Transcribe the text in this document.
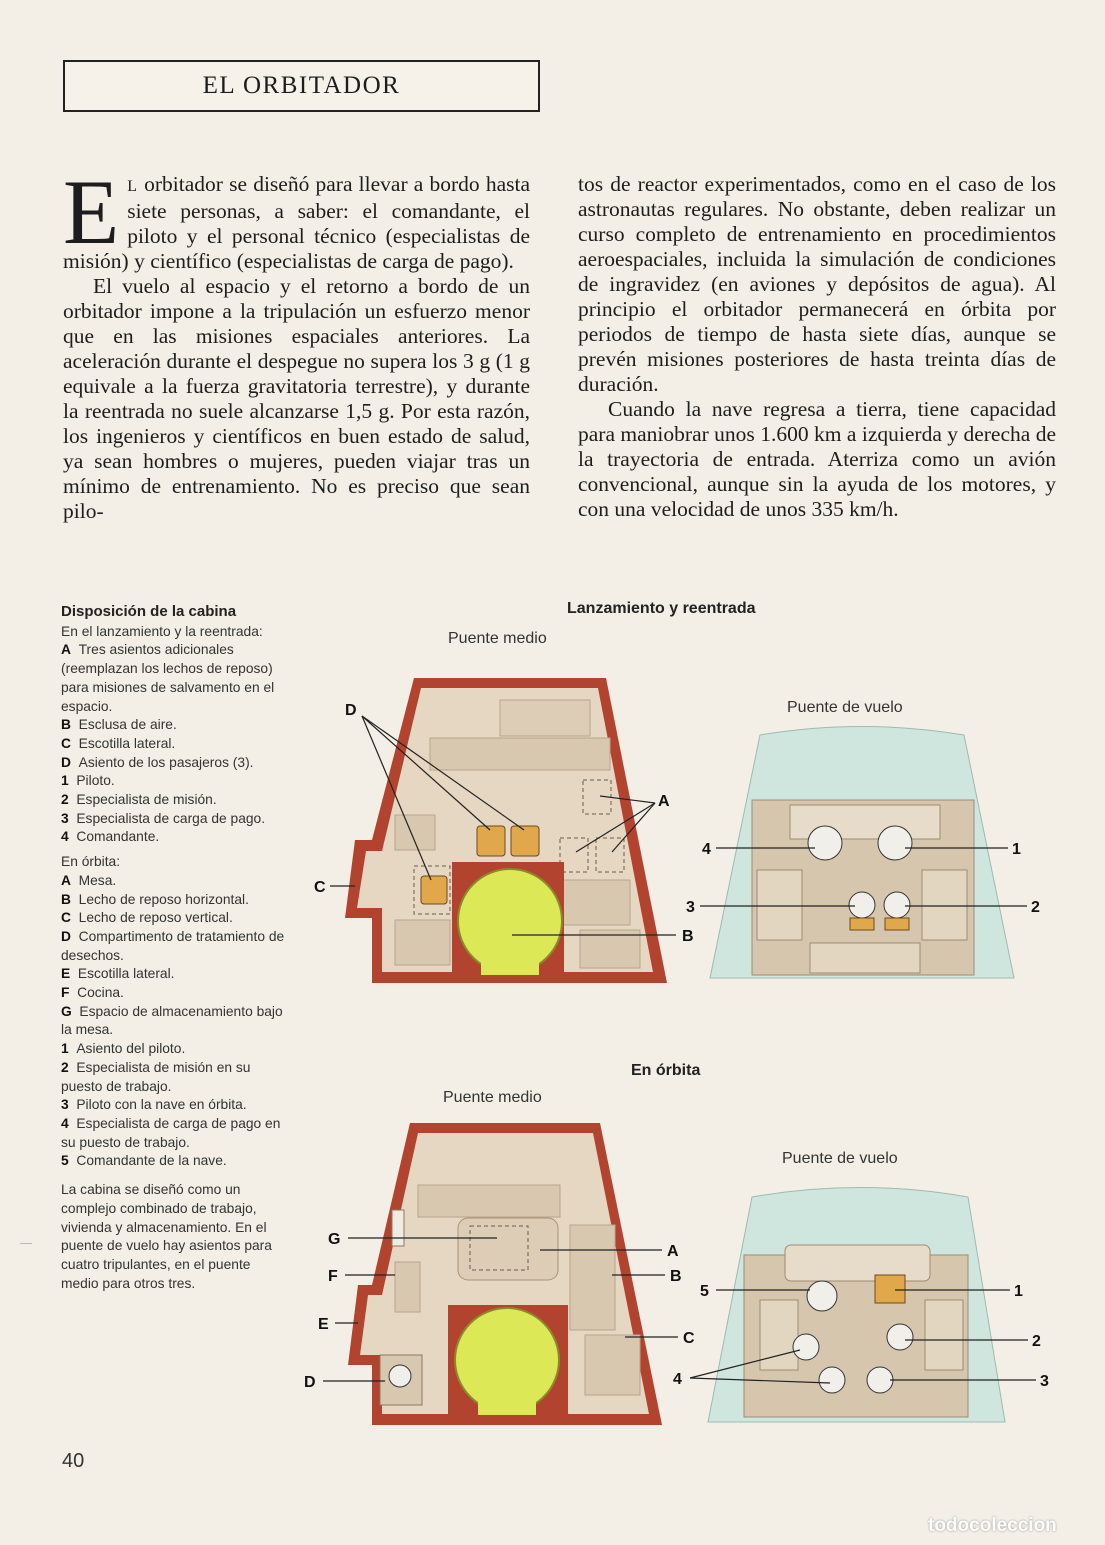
EL ORBITADOR

E L orbitador se diseñó para llevar a bordo hasta siete personas, a saber: el comandante, el piloto y el personal técnico (especialistas de misión) y científico (especialistas de carga de pago).

El vuelo al espacio y el retorno a bordo de un orbitador impone a la tripulación un esfuerzo menor que en las misiones espaciales anteriores. La aceleración durante el despegue no supera los 3 g (1 g equivale a la fuerza gravitatoria terrestre), y durante la reentrada no suele alcanzarse 1,5 g. Por esta razón, los ingenieros y científicos en buen estado de salud, ya sean hombres o mujeres, pueden viajar tras un mínimo de entrenamiento. No es preciso que sean pilo-

tos de reactor experimentados, como en el caso de los astronautas regulares. No obstante, deben realizar un curso completo de entrenamiento en procedimientos aeroespaciales, incluida la simulación de condiciones de ingravidez (en aviones y depósitos de agua). Al principio el orbitador permanecerá en órbita por periodos de tiempo de hasta siete días, aunque se prevén misiones posteriores de hasta treinta días de duración.

Cuando la nave regresa a tierra, tiene capacidad para maniobrar unos 1.600 km a izquierda y derecha de la trayectoria de entrada. Aterriza como un avión convencional, aunque sin la ayuda de los motores, y con una velocidad de unos 335 km/h.

Disposición de la cabina
En el lanzamiento y la reentrada:
A Tres asientos adicionales (reemplazan los lechos de reposo) para misiones de salvamento en el espacio.
B Esclusa de aire.
C Escotilla lateral.
D Asiento de los pasajeros (3).
1 Piloto.
2 Especialista de misión.
3 Especialista de carga de pago.
4 Comandante.
En órbita:
A Mesa.
B Lecho de reposo horizontal.
C Lecho de reposo vertical.
D Compartimento de tratamiento de desechos.
E Escotilla lateral.
F Cocina.
G Espacio de almacenamiento bajo la mesa.
1 Asiento del piloto.
2 Especialista de misión en su puesto de trabajo.
3 Piloto con la nave en órbita.
4 Especialista de carga de pago en su puesto de trabajo.
5 Comandante de la nave.
La cabina se diseñó como un complejo combinado de trabajo, vivienda y almacenamiento. En el puente de vuelo hay asientos para cuatro tripulantes, en el puente medio para otros tres.
Lanzamiento y reentrada
En órbita
Puente medio
Puente de vuelo
Puente medio
Puente de vuelo
D
A
C
B
4	1
3	2
G
F
E
D
A
B
C
5	1
2
4	3
40
todocoleccion
